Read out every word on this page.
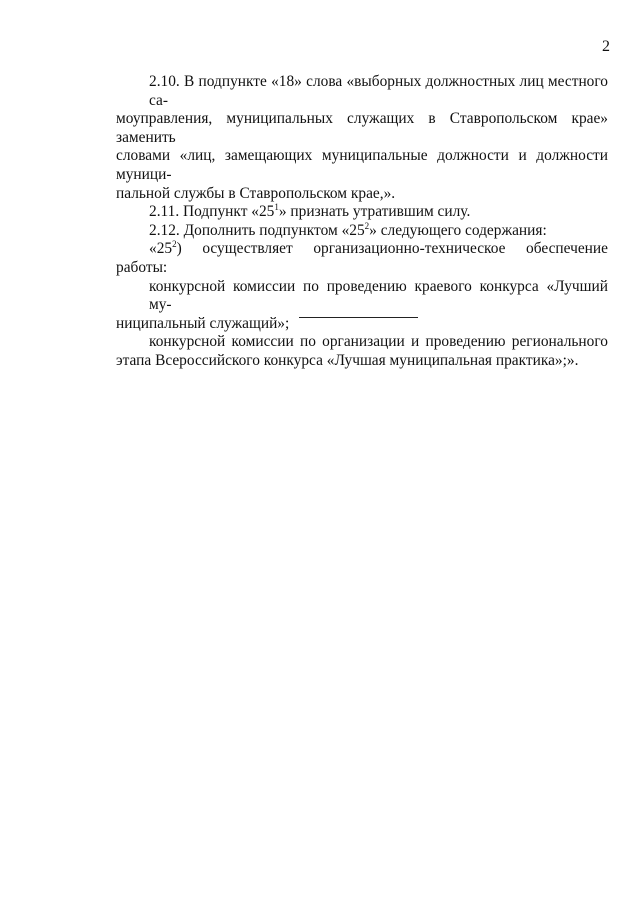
2

2.10. В подпункте «18» слова «выборных должностных лиц местного са-
моуправления, муниципальных служащих в Ставропольском крае» заменить
словами «лиц, замещающих муниципальные должности и должности муници-
пальной службы в Ставропольском крае,».

2.11. Подпункт «$25^1$» признать утратившим силу.

2.12. Дополнить подпунктом «$25^2$» следующего содержания:

«$25^2$) осуществляет организационно-техническое обеспечение работы:

конкурсной комиссии по проведению краевого конкурса «Лучший му-
ниципальный служащий»;

конкурсной комиссии по организации и проведению регионального
этапа Всероссийского конкурса «Лучшая муниципальная практика»;».
